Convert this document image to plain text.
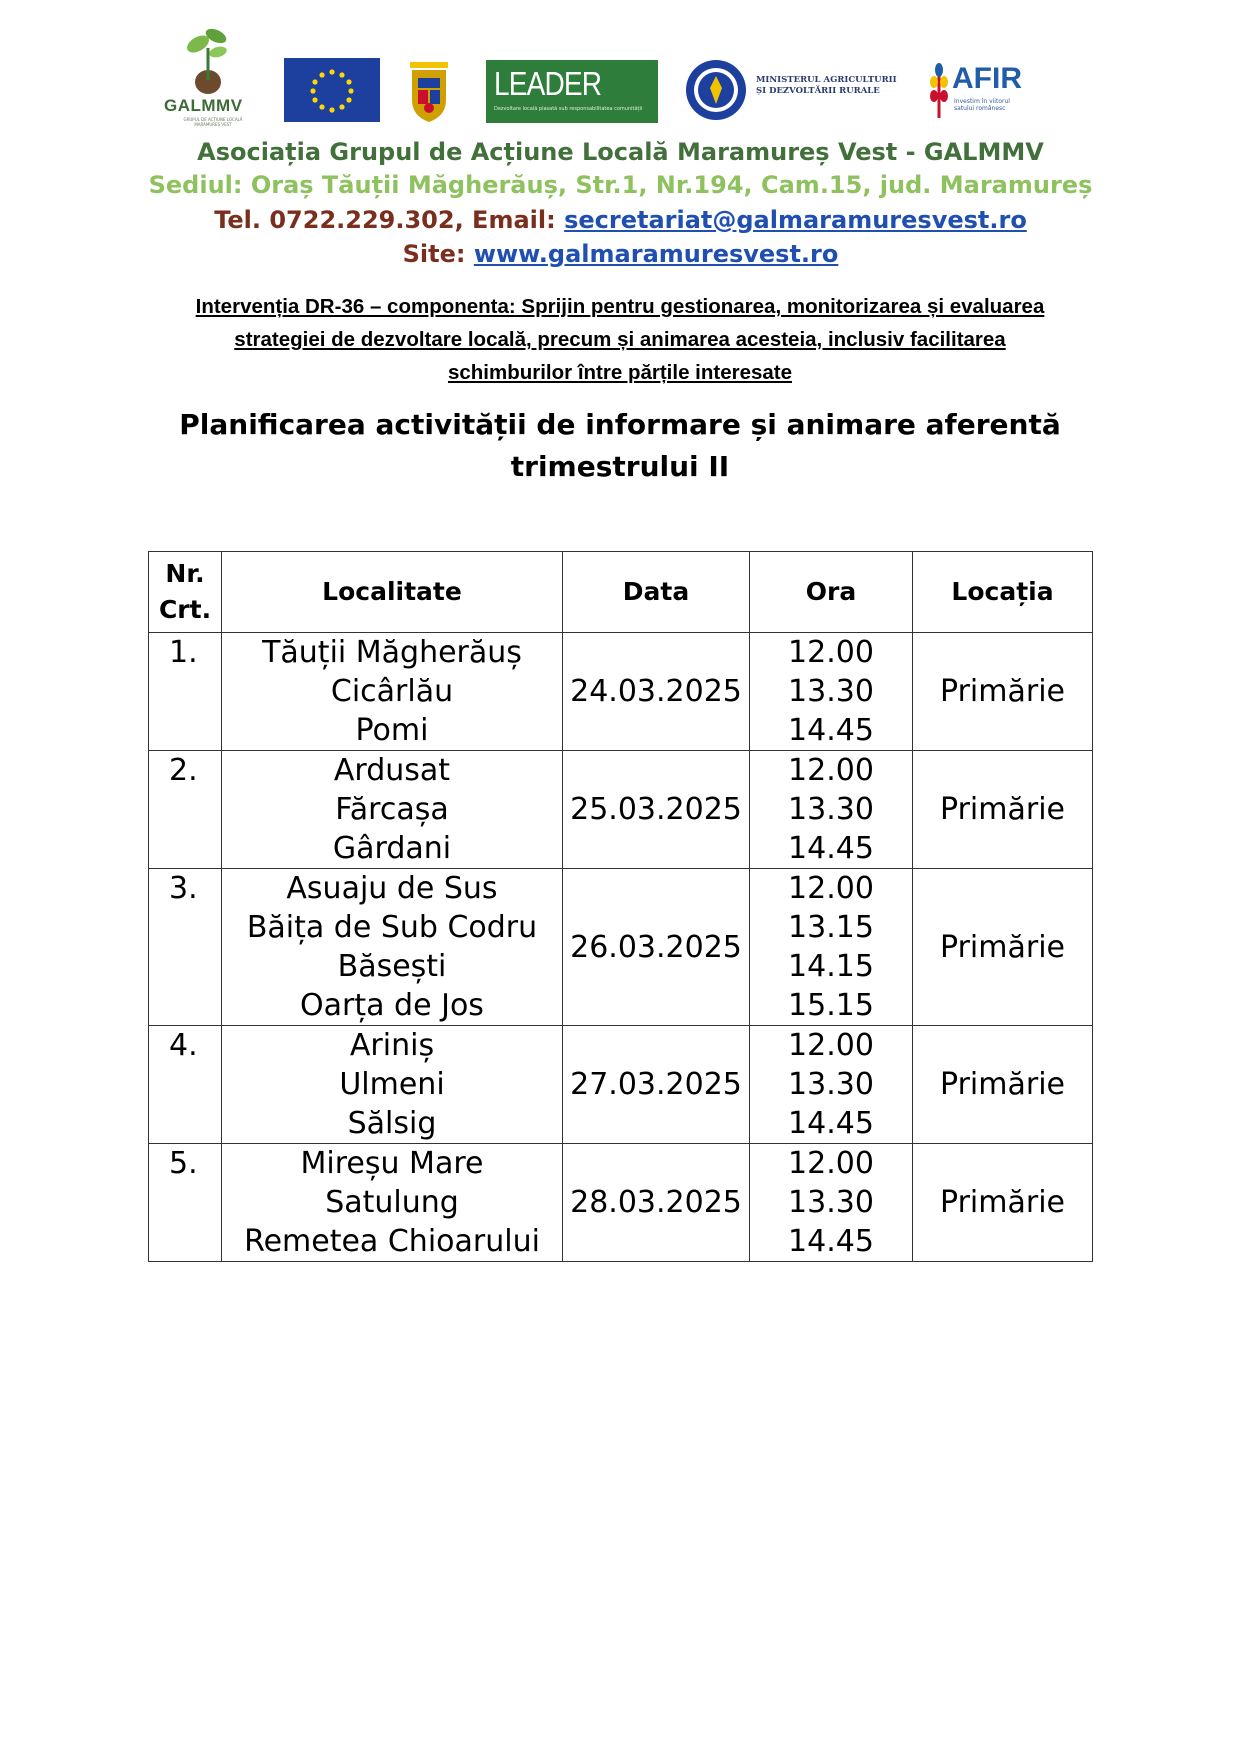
GALMMV
GRUPUL DE ACȚIUNE LOCALĂ MARAMUREȘ VEST
LEADER
Dezvoltare locală plasată sub responsabilitatea comunității
MINISTERUL AGRICULTURII
ȘI DEZVOLTĂRII RURALE	AFIR
Investim în viitorul satului românesc
Asociația Grupul de Acțiune Locală Maramureș Vest - GALMMV
Sediul: Oraș Tăuții Măgherăuș, Str.1, Nr.194, Cam.15, jud. Maramureș
Tel. 0722.229.302, Email: secretariat@galmaramuresvest.ro
Site: www.galmaramuresvest.ro
Intervenția DR-36 – componenta: Sprijin pentru gestionarea, monitorizarea și evaluarea
strategiei de dezvoltare locală, precum și animarea acesteia, inclusiv facilitarea
schimburilor între părțile interesate
Planificarea activității de informare și animare aferentă
trimestrului II
Nr. Crt.	Localitate	Data	Ora	Locația
1.	Tăuții Măgherăuș
Cicârlău
Pomi	24.03.2025	12.00
13.30
14.45	Primărie
2.	Ardusat
Fărcașa
Gârdani	25.03.2025	12.00
13.30
14.45	Primărie
3.	Asuaju de Sus
Băița de Sub Codru
Băsești
Oarța de Jos	26.03.2025	12.00
13.15
14.15
15.15	Primărie
4.	Ariniș
Ulmeni
Sălsig	27.03.2025	12.00
13.30
14.45	Primărie
5.	Mireșu Mare
Satulung
Remetea Chioarului	28.03.2025	12.00
13.30
14.45	Primărie
